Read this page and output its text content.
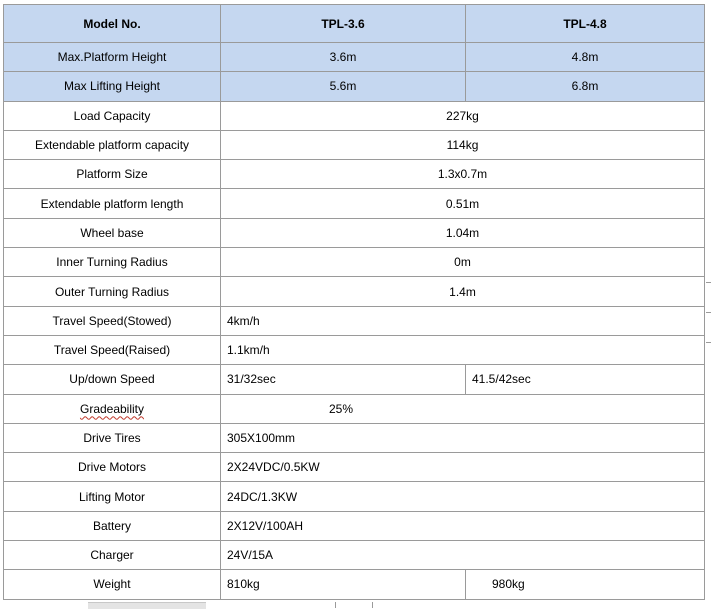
Model No.	TPL-3.6	TPL-4.8
Max.Platform Height	3.6m	4.8m
Max Lifting Height	5.6m	6.8m
Load Capacity	227kg	
Extendable platform capacity	114kg	
Platform Size	1.3x0.7m	
Extendable platform length	0.51m	
Wheel base	1.04m	
Inner Turning Radius	0m	
Outer Turning Radius	1.4m	
Travel Speed(Stowed)	4km/h	
Travel Speed(Raised)	1.1km/h	
Up/down Speed	31/32sec	41.5/42sec
Gradeability	25%	
Drive Tires	305X100mm	
Drive Motors	2X24VDC/0.5KW	
Lifting Motor	24DC/1.3KW	
Battery	2X12V/100AH	
Charger	24V/15A	
Weight	810kg	980kg
